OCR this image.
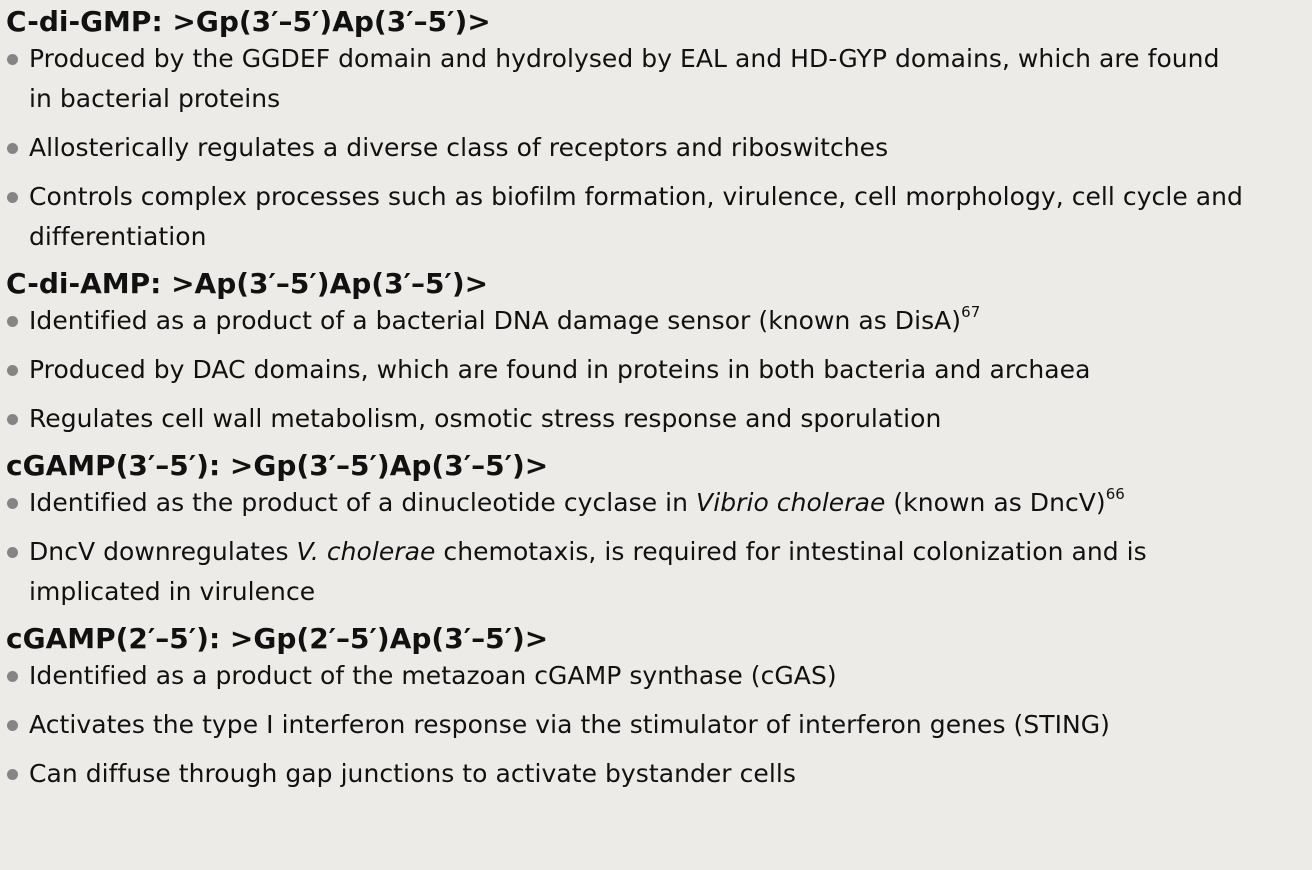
C-di-GMP: >Gp(3′–5′)Ap(3′–5′)>
Produced by the GGDEF domain and hydrolysed by EAL and HD-GYP domains, which are found
in bacterial proteins
Allosterically regulates a diverse class of receptors and riboswitches
Controls complex processes such as biofilm formation, virulence, cell morphology, cell cycle and
differentiation
C-di-AMP: >Ap(3′–5′)Ap(3′–5′)>
Identified as a product of a bacterial DNA damage sensor (known as DisA)$^{67}$
Produced by DAC domains, which are found in proteins in both bacteria and archaea
Regulates cell wall metabolism, osmotic stress response and sporulation
cGAMP(3′–5′): >Gp(3′–5′)Ap(3′–5′)>
Identified as the product of a dinucleotide cyclase in Vibrio cholerae (known as DncV)$^{66}$
DncV downregulates V. cholerae chemotaxis, is required for intestinal colonization and is
implicated in virulence
cGAMP(2′–5′): >Gp(2′–5′)Ap(3′–5′)>
Identified as a product of the metazoan cGAMP synthase (cGAS)
Activates the type I interferon response via the stimulator of interferon genes (STING)
Can diffuse through gap junctions to activate bystander cells
